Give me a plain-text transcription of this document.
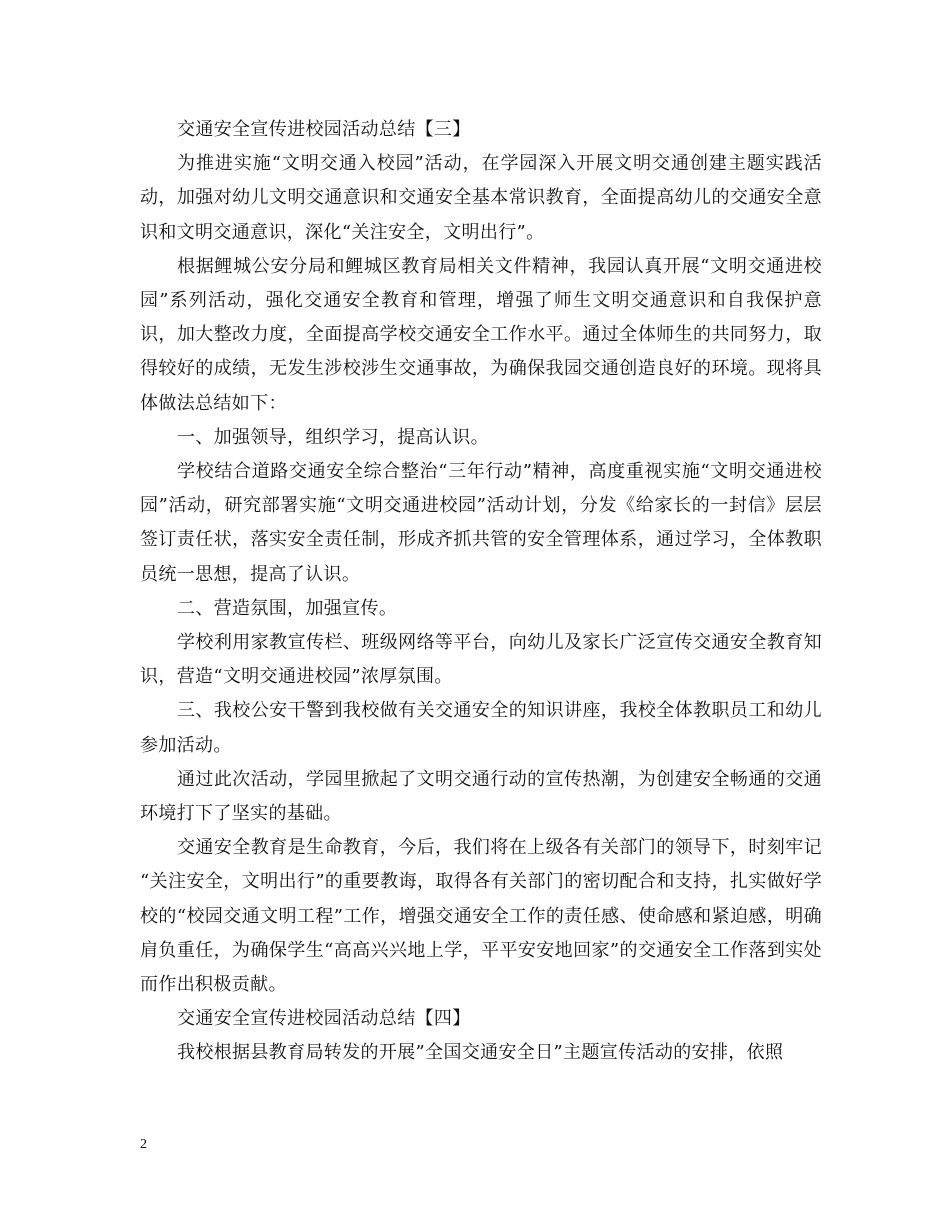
交通安全宣传进校园活动总结【三】

为推进实施“文明交通入校园”活动，在学园深入开展文明交通创建主题实践活动，加强对幼儿文明交通意识和交通安全基本常识教育，全面提高幼儿的交通安全意识和文明交通意识，深化“关注安全，文明出行”。

根据鲤城公安分局和鲤城区教育局相关文件精神，我园认真开展“文明交通进校园”系列活动，强化交通安全教育和管理，增强了师生文明交通意识和自我保护意识，加大整改力度，全面提高学校交通安全工作水平。通过全体师生的共同努力，取得较好的成绩，无发生涉校涉生交通事故，为确保我园交通创造良好的环境。现将具体做法总结如下：

一、加强领导，组织学习，提高认识。

学校结合道路交通安全综合整治“三年行动”精神，高度重视实施“文明交通进校园”活动，研究部署实施“文明交通进校园”活动计划，分发《给家长的一封信》层层签订责任状，落实安全责任制，形成齐抓共管的安全管理体系，通过学习，全体教职员统一思想，提高了认识。

二、营造氛围，加强宣传。

学校利用家教宣传栏、班级网络等平台，向幼儿及家长广泛宣传交通安全教育知识，营造“文明交通进校园”浓厚氛围。

三、我校公安干警到我校做有关交通安全的知识讲座，我校全体教职员工和幼儿参加活动。

通过此次活动，学园里掀起了文明交通行动的宣传热潮，为创建安全畅通的交通环境打下了坚实的基础。

交通安全教育是生命教育，今后，我们将在上级各有关部门的领导下，时刻牢记 “关注安全，文明出行”的重要教诲，取得各有关部门的密切配合和支持，扎实做好学校的“校园交通文明工程”工作，增强交通安全工作的责任感、使命感和紧迫感，明确肩负重任，为确保学生“高高兴兴地上学，平平安安地回家”的交通安全工作落到实处而作出积极贡献。

交通安全宣传进校园活动总结【四】

我校根据县教育局转发的开展”全国交通安全日”主题宣传活动的安排，依照

2
